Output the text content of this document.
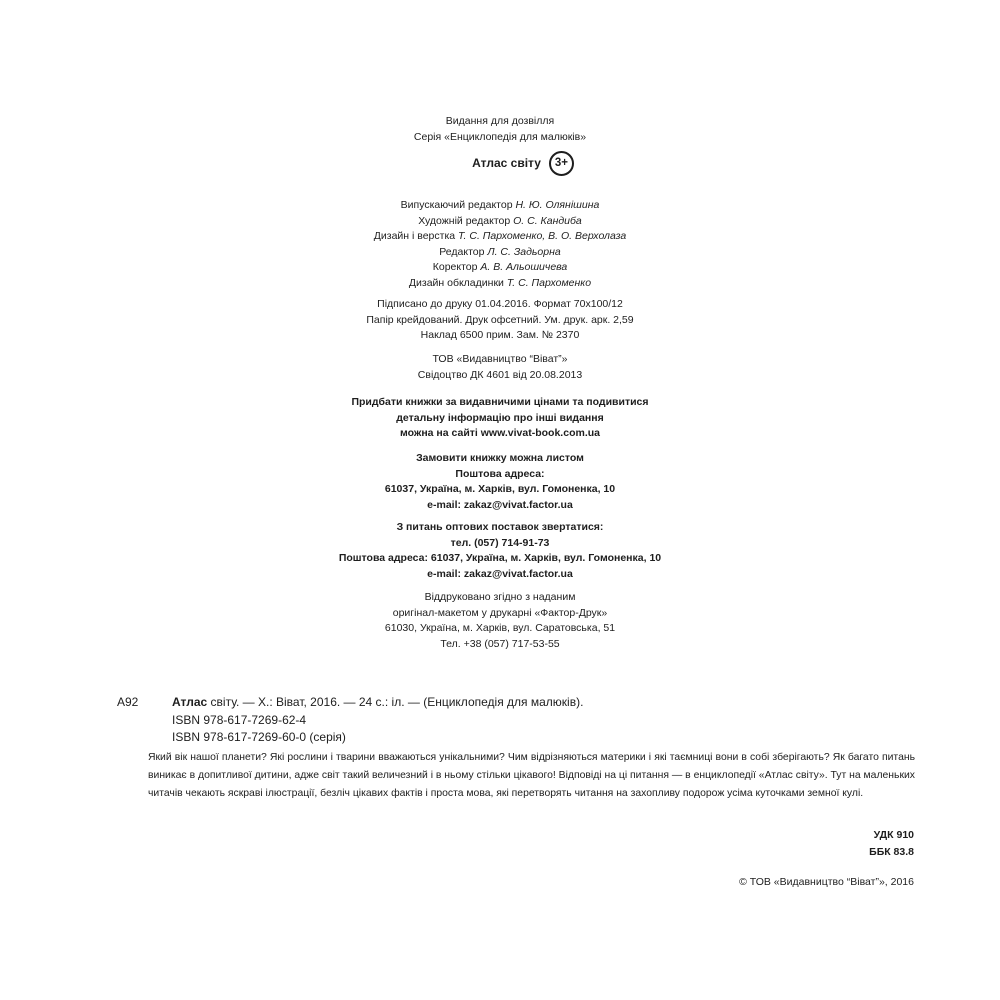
Видання для дозвілля
Серія «Енциклопедія для малюків»
Атлас світу	3+
Випускаючий редактор Н. Ю. Олянішина
Художній редактор О. С. Кандиба
Дизайн і верстка Т. С. Пархоменко, В. О. Верхолаза
Редактор Л. С. Задьорна
Коректор А. В. Альошичева
Дизайн обкладинки Т. С. Пархоменко
Підписано до друку 01.04.2016. Формат 70х100/12
Папір крейдований. Друк офсетний. Ум. друк. арк. 2,59
Наклад 6500 прим. Зам. № 2370
ТОВ «Видавництво “Віват”»
Свідоцтво ДК 4601 від 20.08.2013
Придбати книжки за видавничими цінами та подивитися
детальну інформацію про інші видання
можна на сайті www.vivat-book.com.ua
Замовити книжку можна листом
Поштова адреса:
61037, Україна, м. Харків, вул. Гомоненка, 10
e-mail: zakaz@vivat.factor.ua
З питань оптових поставок звертатися:
тел. (057) 714-91-73
Поштова адреса: 61037, Україна, м. Харків, вул. Гомоненка, 10
e-mail: zakaz@vivat.factor.ua
Віддруковано згідно з наданим
оригінал-макетом у друкарні «Фактор-Друк»
61030, Україна, м. Харків, вул. Саратовська, 51
Тел. +38 (057) 717-53-55
А92	Атлас світу. — Х.: Віват, 2016. — 24 с.: іл. — (Енциклопедія для малюків).
ISBN 978-617-7269-62-4
ISBN 978-617-7269-60-0 (серія)
Який вік нашої планети? Які рослини і тварини вважаються унікальними? Чим відрізняються материки і які таємниці вони в собі зберігають? Як багато питань виникає в допитливої дитини, адже світ такий величезний і в ньому стільки цікавого! Відповіді на ці питання — в енциклопедії «Атлас світу». Тут на маленьких читачів чекають яскраві ілюстрації, безліч цікавих фактів і проста мова, які перетворять читання на захопливу подорож усіма куточками земної кулі.
УДК 910
ББК 83.8
© ТОВ «Видавництво “Віват”», 2016
